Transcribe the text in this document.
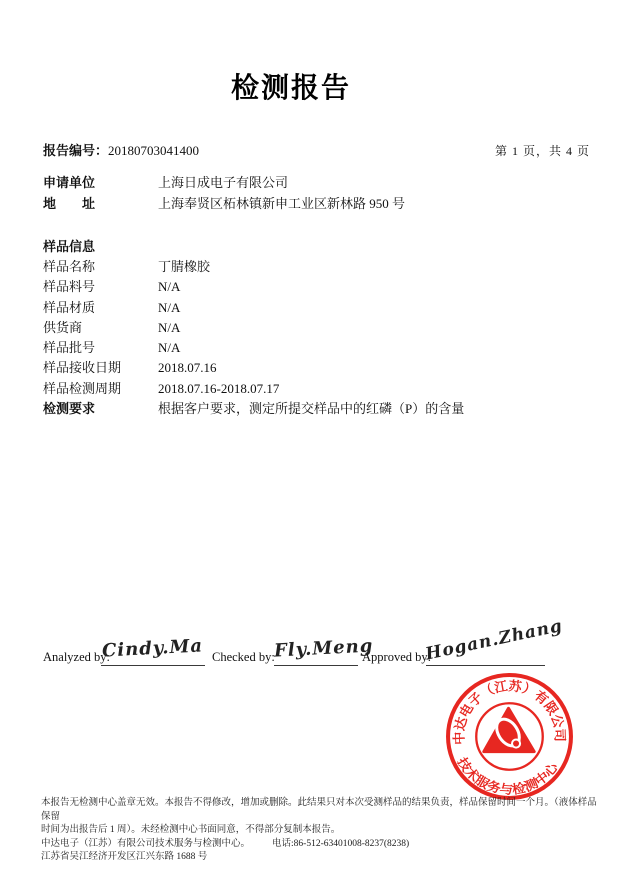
检测报告
报告编号：20180703041400	第 1 页，共 4 页
申请单位	上海日成电子有限公司
地　　址	上海奉贤区柘林镇新申工业区新林路 950 号
样品信息
样品名称	丁腈橡胶
样品料号	N/A
样品材质	N/A
供货商	N/A
样品批号	N/A
样品接收日期	2018.07.16
样品检测周期	2018.07.16-2018.07.17
检测要求	根据客户要求，测定所提交样品中的红磷（P）的含量
Analyzed by:
Cindy.Ma Checked by:
Fly.Meng
Approved by:
Hogan.Zhang
中达电子（江苏）有限公司
技术服务与检测中心
本报告无检测中心盖章无效。本报告不得修改，增加或删除。此结果只对本次受测样品的结果负责，样品保留时间一个月。（液体样品保留
时间为出报告后 1 周）。未经检测中心书面同意，不得部分复制本报告。
中达电子（江苏）有限公司技术服务与检测中心。 电话:86-512-63401008-8237(8238)
江苏省吴江经济开发区江兴东路 1688 号
